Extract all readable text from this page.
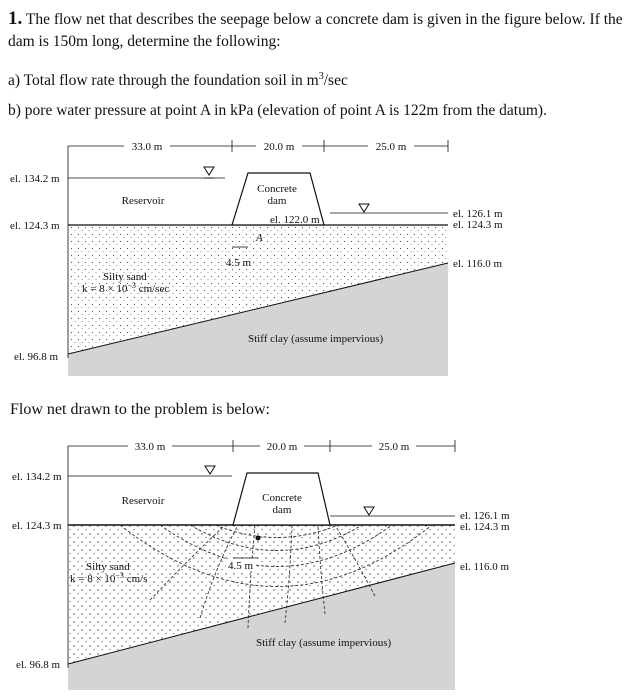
1. The flow net that describes the seepage below a concrete dam is given in the figure below. If the dam is 150m long, determine the following:
a) Total flow rate through the foundation soil in $m^3/\sec$
b) pore water pressure at point A in kPa (elevation of point A is 122m from the datum).
33.0 m	20.0 m	25.0 m
el. 134.2 m
el. 124.3 m
el. 96.8 m
Reservoir
Concrete
dam
el. 122.0 m
A
4.5 m
el. 126.1 m
el. 124.3 m
el. 116.0 m
Silty sand
$k = 8 \times 10^{-3}$ cm/sec
Stiff clay (assume impervious)
Flow net drawn to the problem is below:
33.0 m	20.0 m	25.0 m
el. 134.2 m
el. 124.3 m
el. 96.8 m
Reservoir	Concrete
dam
4.5 m
el. 126.1 m
el. 124.3 m
el. 116.0 m
Silty sand
$k = 8 \times 10^{-3}$ cm/s
Stiff clay (assume impervious)
